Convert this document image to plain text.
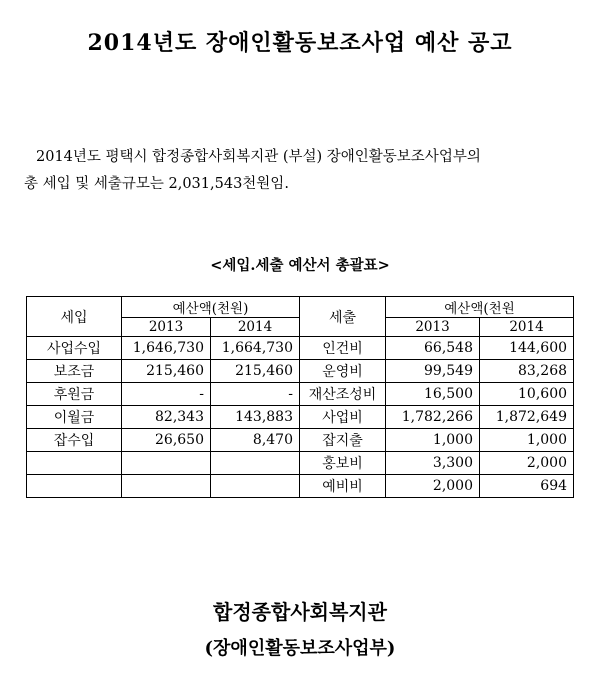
2014년도 장애인활동보조사업 예산 공고
2014년도 평택시 합정종합사회복지관 (부설) 장애인활동보조사업부의
총 세입 및 세출규모는 2,031,543천원임.
<세입.세출 예산서 총괄표>
세입	예산액(천원)		세출	예산액(천원	
	2013	2014		2013	2014
사업수입	1,646,730	1,664,730	인건비	66,548	144,600
보조금	215,460	215,460	운영비	99,549	83,268
후원금	-	-	재산조성비	16,500	10,600
이월금	82,343	143,883	사업비	1,782,266	1,872,649
잡수입	26,650	8,470	잡지출	1,000	1,000
			홍보비	3,300	2,000
			예비비	2,000	694
합정종합사회복지관
(장애인활동보조사업부)
